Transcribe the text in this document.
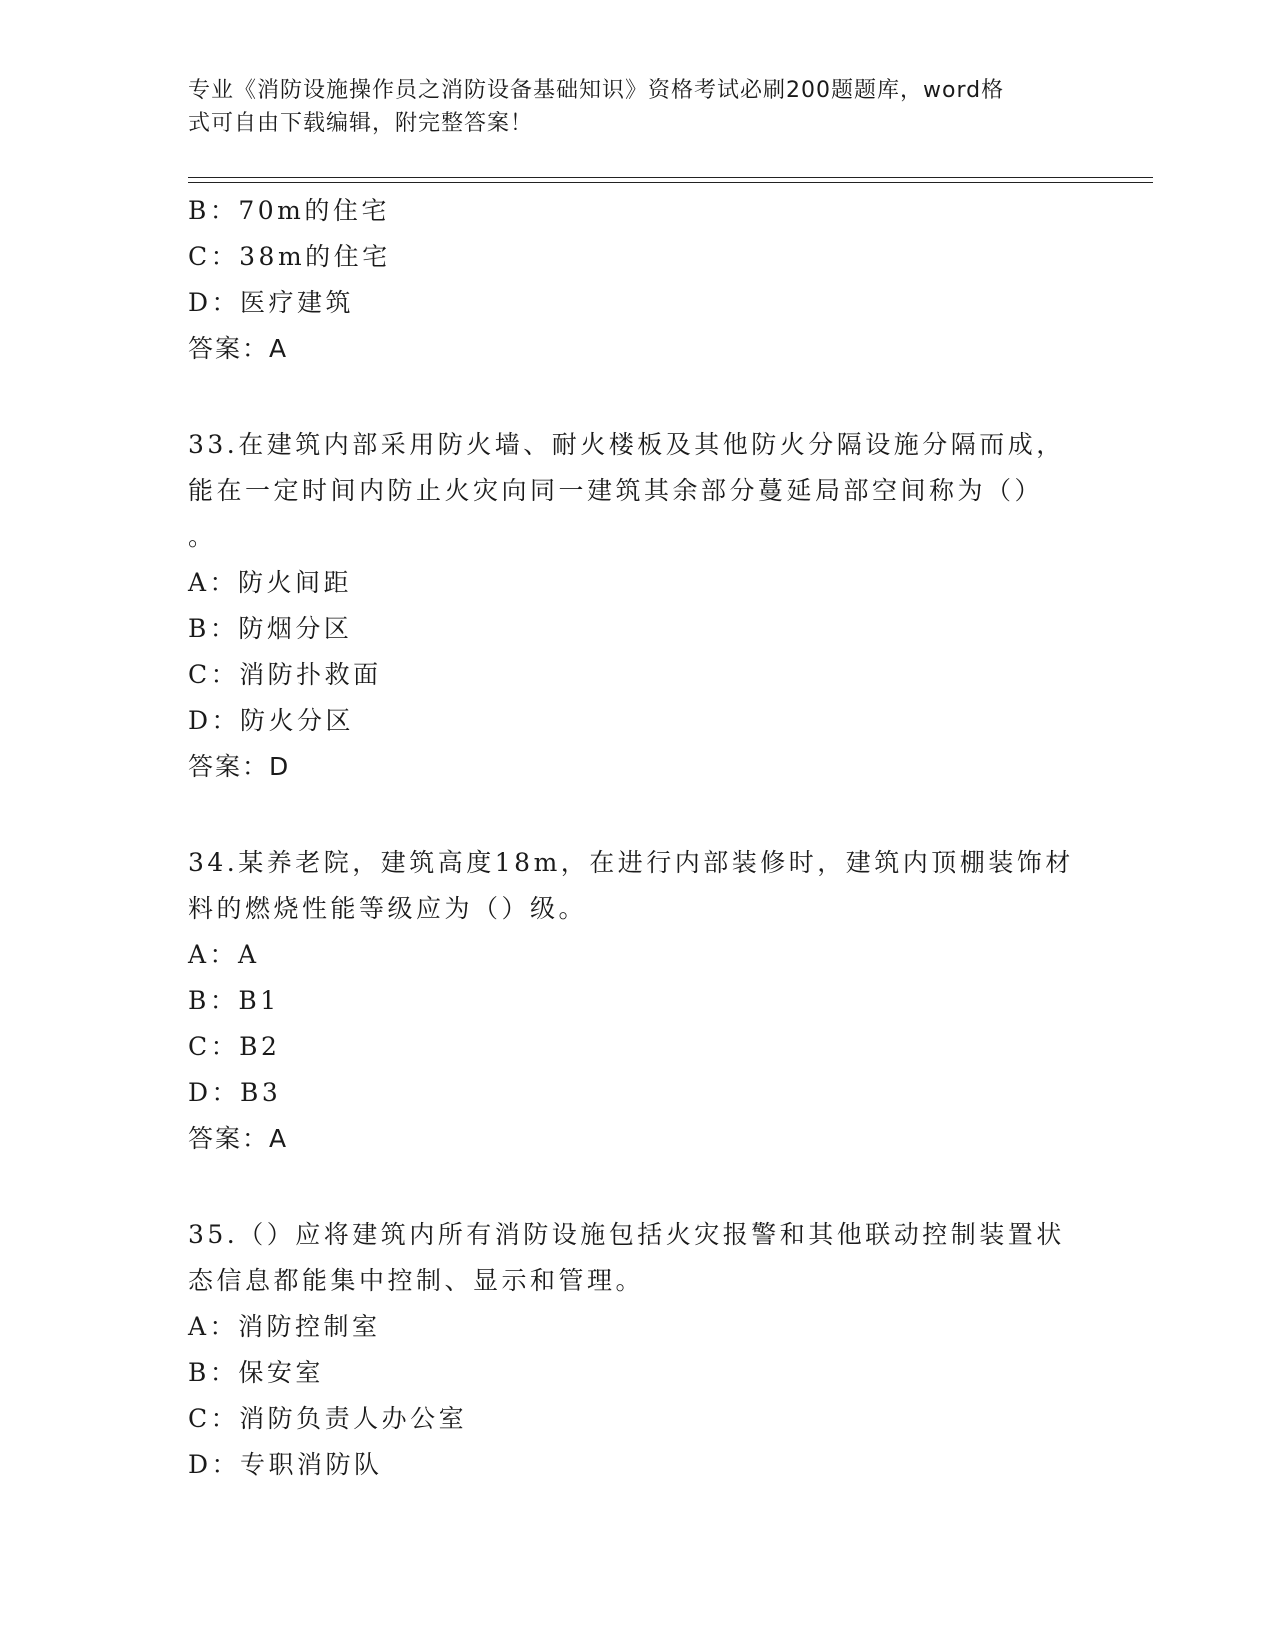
专业《消防设施操作员之消防设备基础知识》资格考试必刷200题题库，word格
式可自由下载编辑，附完整答案！
B：70m的住宅
C：38m的住宅
D：医疗建筑
答案：A
33.在建筑内部采用防火墙、耐火楼板及其他防火分隔设施分隔而成，
能在一定时间内防止火灾向同一建筑其余部分蔓延局部空间称为（）
。
A：防火间距
B：防烟分区
C：消防扑救面
D：防火分区
答案：D
34.某养老院，建筑高度18m，在进行内部装修时，建筑内顶棚装饰材
料的燃烧性能等级应为（）级。
A：A
B：B1
C：B2
D：B3
答案：A
35.（）应将建筑内所有消防设施包括火灾报警和其他联动控制装置状
态信息都能集中控制、显示和管理。
A：消防控制室
B：保安室
C：消防负责人办公室
D：专职消防队
